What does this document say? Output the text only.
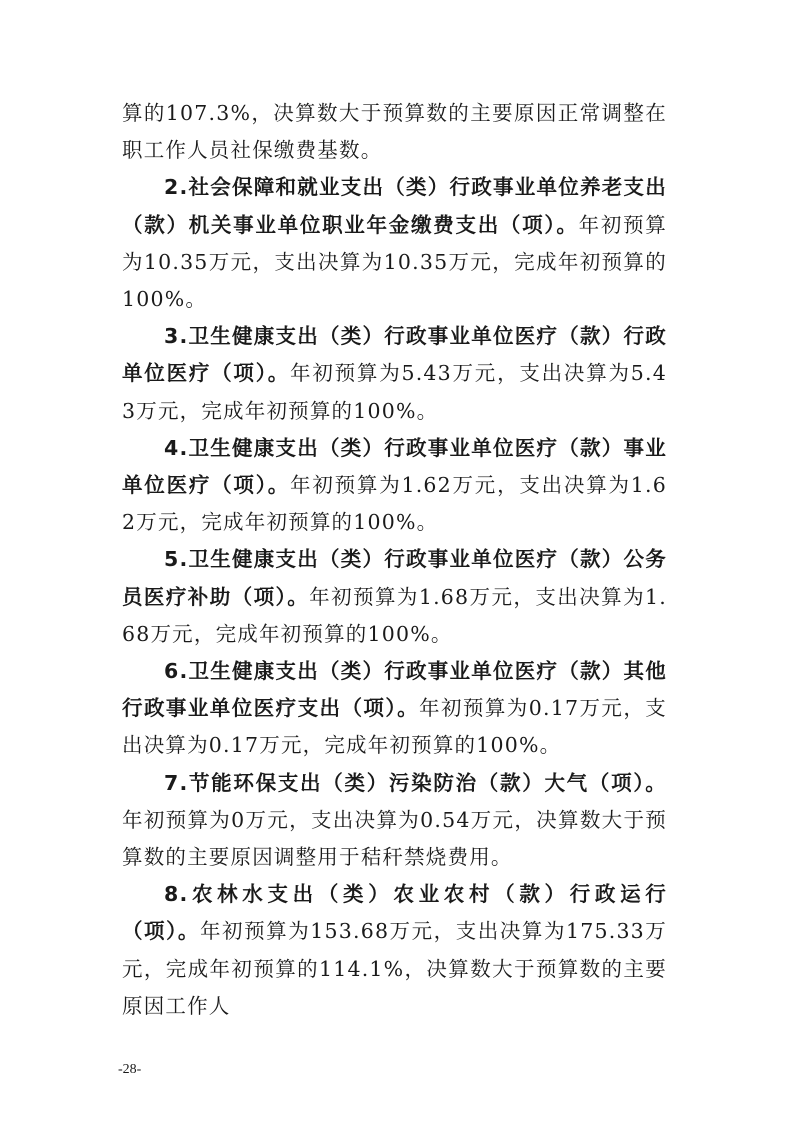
算的107.3%，决算数大于预算数的主要原因正常调整在职工作人员社保缴费基数。

2.社会保障和就业支出（类）行政事业单位养老支出（款）机关事业单位职业年金缴费支出（项）。年初预算为10.35万元，支出决算为10.35万元，完成年初预算的100%。

3.卫生健康支出（类）行政事业单位医疗（款）行政单位医疗（项）。年初预算为5.43万元，支出决算为5.43万元，完成年初预算的100%。

4.卫生健康支出（类）行政事业单位医疗（款）事业单位医疗（项）。年初预算为1.62万元，支出决算为1.62万元，完成年初预算的100%。

5.卫生健康支出（类）行政事业单位医疗（款）公务员医疗补助（项）。年初预算为1.68万元，支出决算为1.68万元，完成年初预算的100%。

6.卫生健康支出（类）行政事业单位医疗（款）其他行政事业单位医疗支出（项）。年初预算为0.17万元，支出决算为0.17万元，完成年初预算的100%。

7.节能环保支出（类）污染防治（款）大气（项）。年初预算为0万元，支出决算为0.54万元，决算数大于预算数的主要原因调整用于秸秆禁烧费用。

8.农林水支出（类）农业农村（款）行政运行（项）。年初预算为153.68万元，支出决算为175.33万元，完成年初预算的114.1%，决算数大于预算数的主要原因工作人

-28-
